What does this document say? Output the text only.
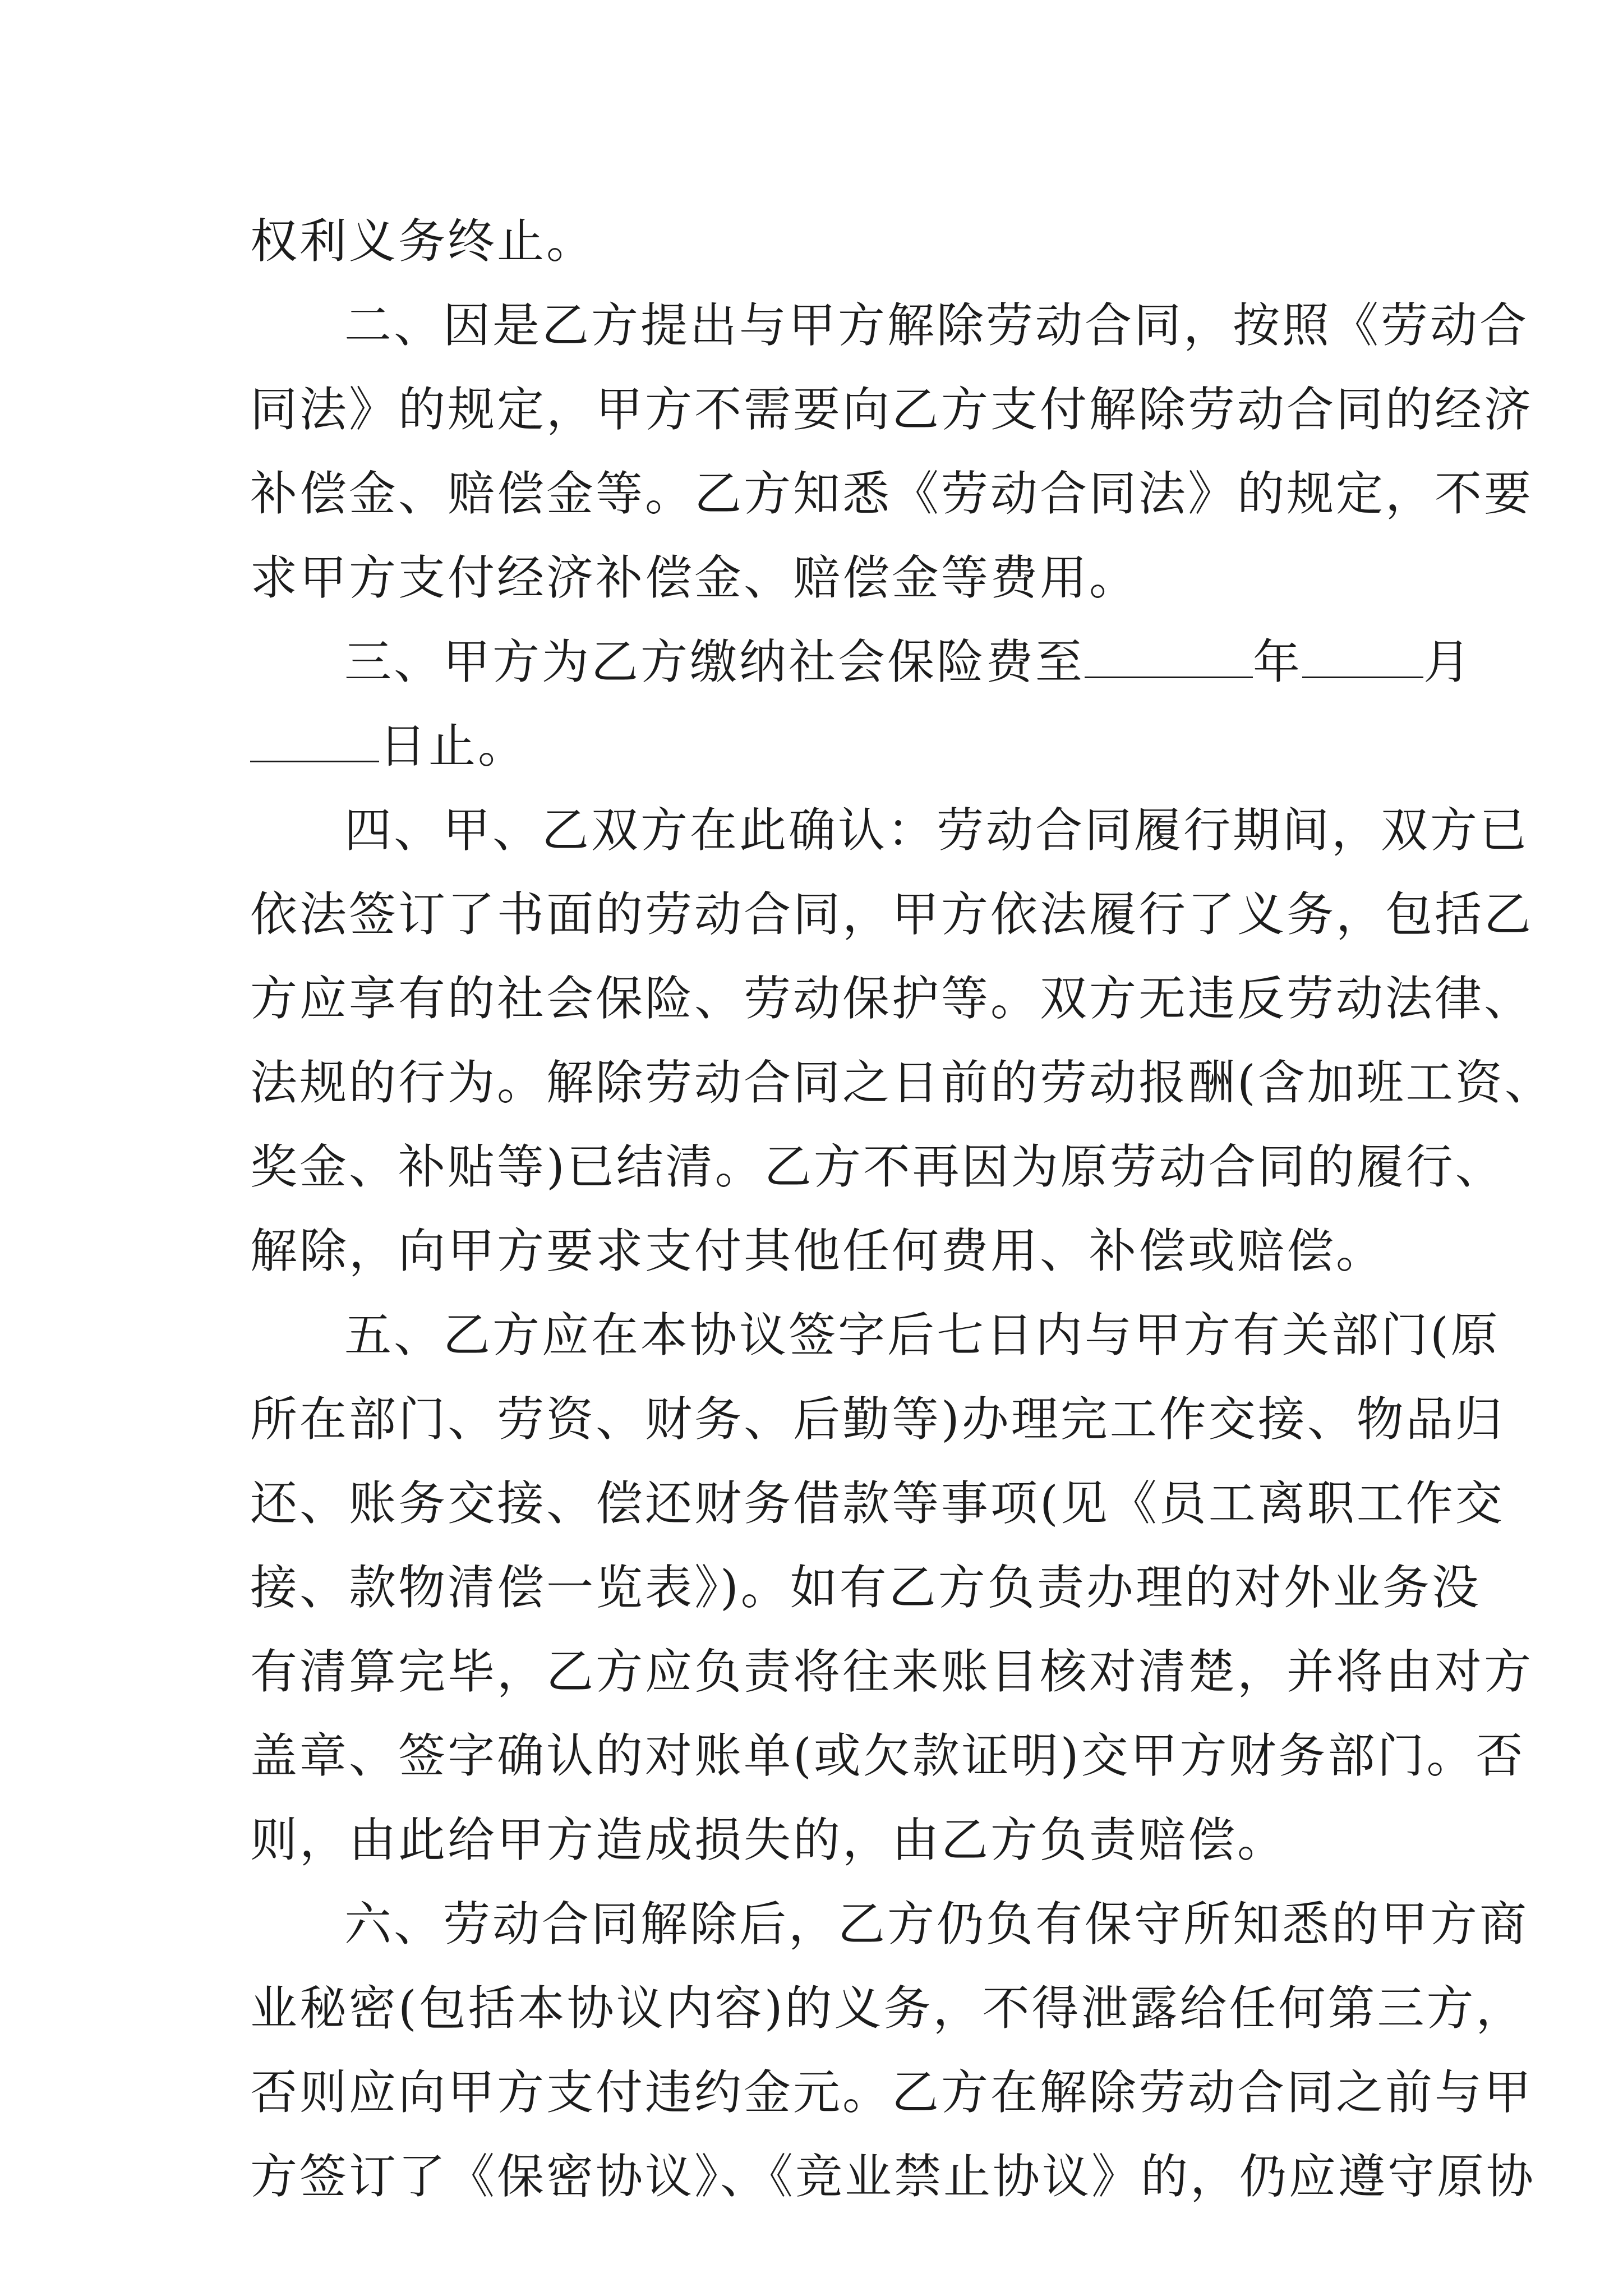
权利义务终止。
二、因是乙方提出与甲方解除劳动合同，按照《劳动合
同法》的规定，甲方不需要向乙方支付解除劳动合同的经济
补偿金、赔偿金等。乙方知悉《劳动合同法》的规定，不要
求甲方支付经济补偿金、赔偿金等费用。
三、甲方为乙方缴纳社会保险费至	年	月
日止。
四、甲、乙双方在此确认：劳动合同履行期间，双方已
依法签订了书面的劳动合同，甲方依法履行了义务，包括乙
方应享有的社会保险、劳动保护等。双方无违反劳动法律、
法规的行为。解除劳动合同之日前的劳动报酬(含加班工资、
奖金、补贴等)已结清。乙方不再因为原劳动合同的履行、
解除，向甲方要求支付其他任何费用、补偿或赔偿。
五、乙方应在本协议签字后七日内与甲方有关部门(原
所在部门、劳资、财务、后勤等)办理完工作交接、物品归
还、账务交接、偿还财务借款等事项(见《员工离职工作交
接、款物清偿一览表》)。如有乙方负责办理的对外业务没
有清算完毕，乙方应负责将往来账目核对清楚，并将由对方
盖章、签字确认的对账单(或欠款证明)交甲方财务部门。否
则，由此给甲方造成损失的，由乙方负责赔偿。
六、劳动合同解除后，乙方仍负有保守所知悉的甲方商
业秘密(包括本协议内容)的义务，不得泄露给任何第三方，
否则应向甲方支付违约金元。乙方在解除劳动合同之前与甲
方签订了《保密协议》、《竞业禁止协议》的，仍应遵守原协
